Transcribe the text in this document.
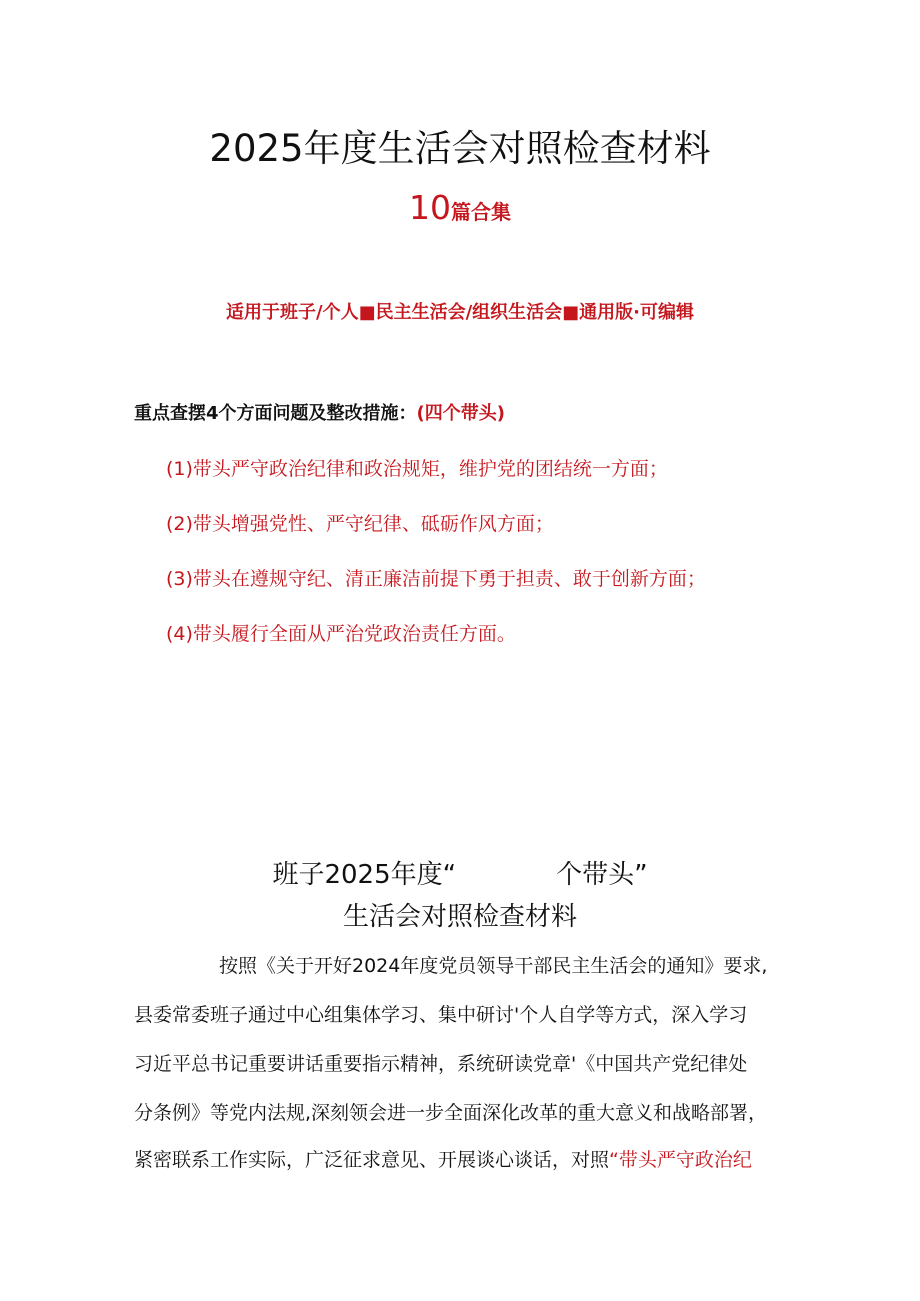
2025年度生活会对照检查材料
10篇合集
适用于班子/个人■民主生活会/组织生活会■通用版·可编辑
重点查摆4个方面问题及整改措施：(四个带头)
(1)带头严守政治纪律和政治规矩，维护党的团结统一方面；
(2)带头增强党性、严守纪律、砥砺作风方面；
(3)带头在遵规守纪、清正廉洁前提下勇于担责、敢于创新方面；
(4)带头履行全面从严治党政治责任方面。
班子2025年度“	个带头”
生活会对照检查材料
按照《关于开好2024年度党员领导干部民主生活会的通知》要求,
县委常委班子通过中心组集体学习、集中研讨'个人自学等方式，深入学习
习近平总书记重要讲话重要指示精神，系统研读党章'《中国共产党纪律处
分条例》等党内法规,深刻领会进一步全面深化改革的重大意义和战略部署，
紧密联系工作实际，广泛征求意见、开展谈心谈话，对照“带头严守政治纪
